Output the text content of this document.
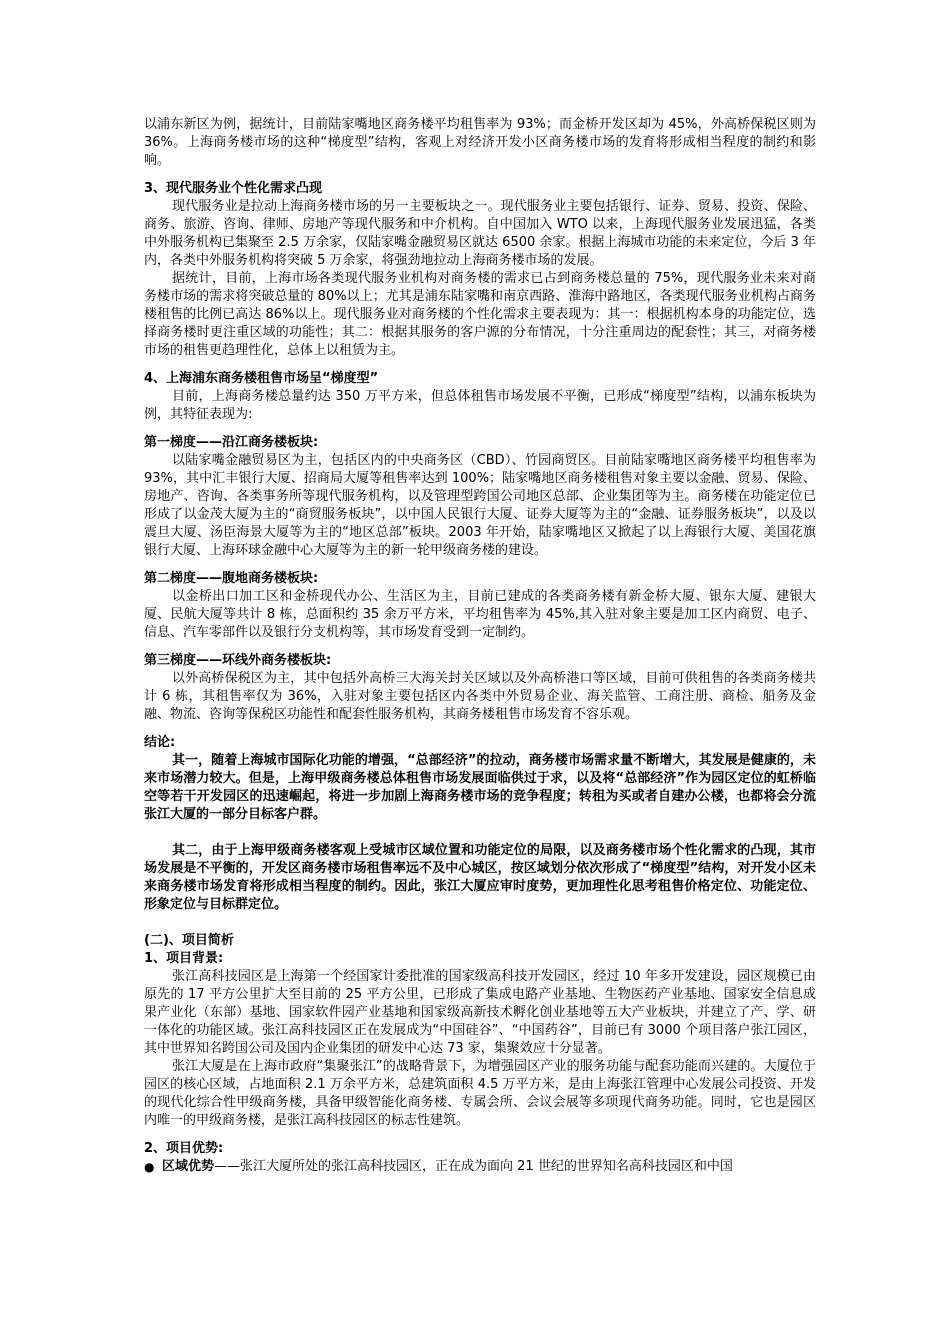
以浦东新区为例，据统计，目前陆家嘴地区商务楼平均租售率为 93%；而金桥开发区却为 45%，外高桥保税区则为 36%。上海商务楼市场的这种“梯度型”结构，客观上对经济开发小区商务楼市场的发育将形成相当程度的制约和影响。

3、现代服务业个性化需求凸现

现代服务业是拉动上海商务楼市场的另一主要板块之一。现代服务业主要包括银行、证券、贸易、投资、保险、商务、旅游、咨询、律师、房地产等现代服务和中介机构。自中国加入 WTO 以来，上海现代服务业发展迅猛，各类中外服务机构已集聚至 2.5 万余家，仅陆家嘴金融贸易区就达 6500 余家。根据上海城市功能的未来定位，今后 3 年内，各类中外服务机构将突破 5 万余家，将强劲地拉动上海商务楼市场的发展。

据统计，目前，上海市场各类现代服务业机构对商务楼的需求已占到商务楼总量的 75%，现代服务业未来对商务楼市场的需求将突破总量的 80%以上；尤其是浦东陆家嘴和南京西路、淮海中路地区，各类现代服务业机构占商务楼租售的比例已高达 86%以上。现代服务业对商务楼的个性化需求主要表现为：其一：根据机构本身的功能定位，选择商务楼时更注重区域的功能性；其二：根据其服务的客户源的分布情况，十分注重周边的配套性；其三，对商务楼市场的租售更趋理性化，总体上以租赁为主。

4、上海浦东商务楼租售市场呈“梯度型”

目前，上海商务楼总量约达 350 万平方米，但总体租售市场发展不平衡，已形成“梯度型”结构，以浦东板块为例，其特征表现为:

第一梯度——沿江商务楼板块:

以陆家嘴金融贸易区为主，包括区内的中央商务区（CBD）、竹园商贸区。目前陆家嘴地区商务楼平均租售率为 93%，其中汇丰银行大厦、招商局大厦等租售率达到 100%；陆家嘴地区商务楼租售对象主要以金融、贸易、保险、房地产、咨询、各类事务所等现代服务机构，以及管理型跨国公司地区总部、企业集团等为主。商务楼在功能定位已形成了以金茂大厦为主的“商贸服务板块”，以中国人民银行大厦、证券大厦等为主的“金融、证券服务板块”，以及以震旦大厦、汤臣海景大厦等为主的“地区总部”板块。2003 年开始，陆家嘴地区又掀起了以上海银行大厦、美国花旗银行大厦、上海环球金融中心大厦等为主的新一轮甲级商务楼的建设。

第二梯度——腹地商务楼板块:

以金桥出口加工区和金桥现代办公、生活区为主，目前已建成的各类商务楼有新金桥大厦、银东大厦、建银大厦、民航大厦等共计 8 栋，总面积约 35 余万平方米，平均租售率为 45%,其入驻对象主要是加工区内商贸、电子、信息、汽车零部件以及银行分支机构等，其市场发育受到一定制约。

第三梯度——环线外商务楼板块:

以外高桥保税区为主，其中包括外高桥三大海关封关区域以及外高桥港口等区域，目前可供租售的各类商务楼共计 6 栋，其租售率仅为 36%，入驻对象主要包括区内各类中外贸易企业、海关监管、工商注册、商检、船务及金融、物流、咨询等保税区功能性和配套性服务机构，其商务楼租售市场发育不容乐观。

结论:

其一，随着上海城市国际化功能的增强，“总部经济”的拉动，商务楼市场需求量不断增大，其发展是健康的，未来市场潜力较大。但是，上海甲级商务楼总体租售市场发展面临供过于求，以及将“总部经济”作为园区定位的虹桥临空等若干开发园区的迅速崛起，将进一步加剧上海商务楼市场的竞争程度；转租为买或者自建办公楼，也都将会分流张江大厦的一部分目标客户群。

其二，由于上海甲级商务楼客观上受城市区域位置和功能定位的局限，以及商务楼市场个性化需求的凸现，其市场发展是不平衡的，开发区商务楼市场租售率远不及中心城区，按区域划分依次形成了“梯度型”结构，对开发小区未来商务楼市场发育将形成相当程度的制约。因此，张江大厦应审时度势，更加理性化思考租售价格定位、功能定位、形象定位与目标群定位。

(二)、项目简析

1、项目背景:

张江高科技园区是上海第一个经国家计委批准的国家级高科技开发园区，经过 10 年多开发建设，园区规模已由原先的 17 平方公里扩大至目前的 25 平方公里，已形成了集成电路产业基地、生物医药产业基地、国家安全信息成果产业化（东部）基地、国家软件园产业基地和国家级高新技术孵化创业基地等五大产业板块，并建立了产、学、研一体化的功能区域。张江高科技园区正在发展成为“中国硅谷”、“中国药谷”，目前已有 3000 个项目落户张江园区，其中世界知名跨国公司及国内企业集团的研发中心达 73 家，集聚效应十分显著。

张江大厦是在上海市政府“集聚张江”的战略背景下，为增强园区产业的服务功能与配套功能而兴建的。大厦位于园区的核心区域，占地面积 2.1 万余平方米，总建筑面积 4.5 万平方米，是由上海张江管理中心发展公司投资、开发的现代化综合性甲级商务楼，具备甲级智能化商务楼、专属会所、会议会展等多项现代商务功能。同时，它也是园区内唯一的甲级商务楼，是张江高科技园区的标志性建筑。

2、项目优势:

● 区域优势——张江大厦所处的张江高科技园区，正在成为面向 21 世纪的世界知名高科技园区和中国
